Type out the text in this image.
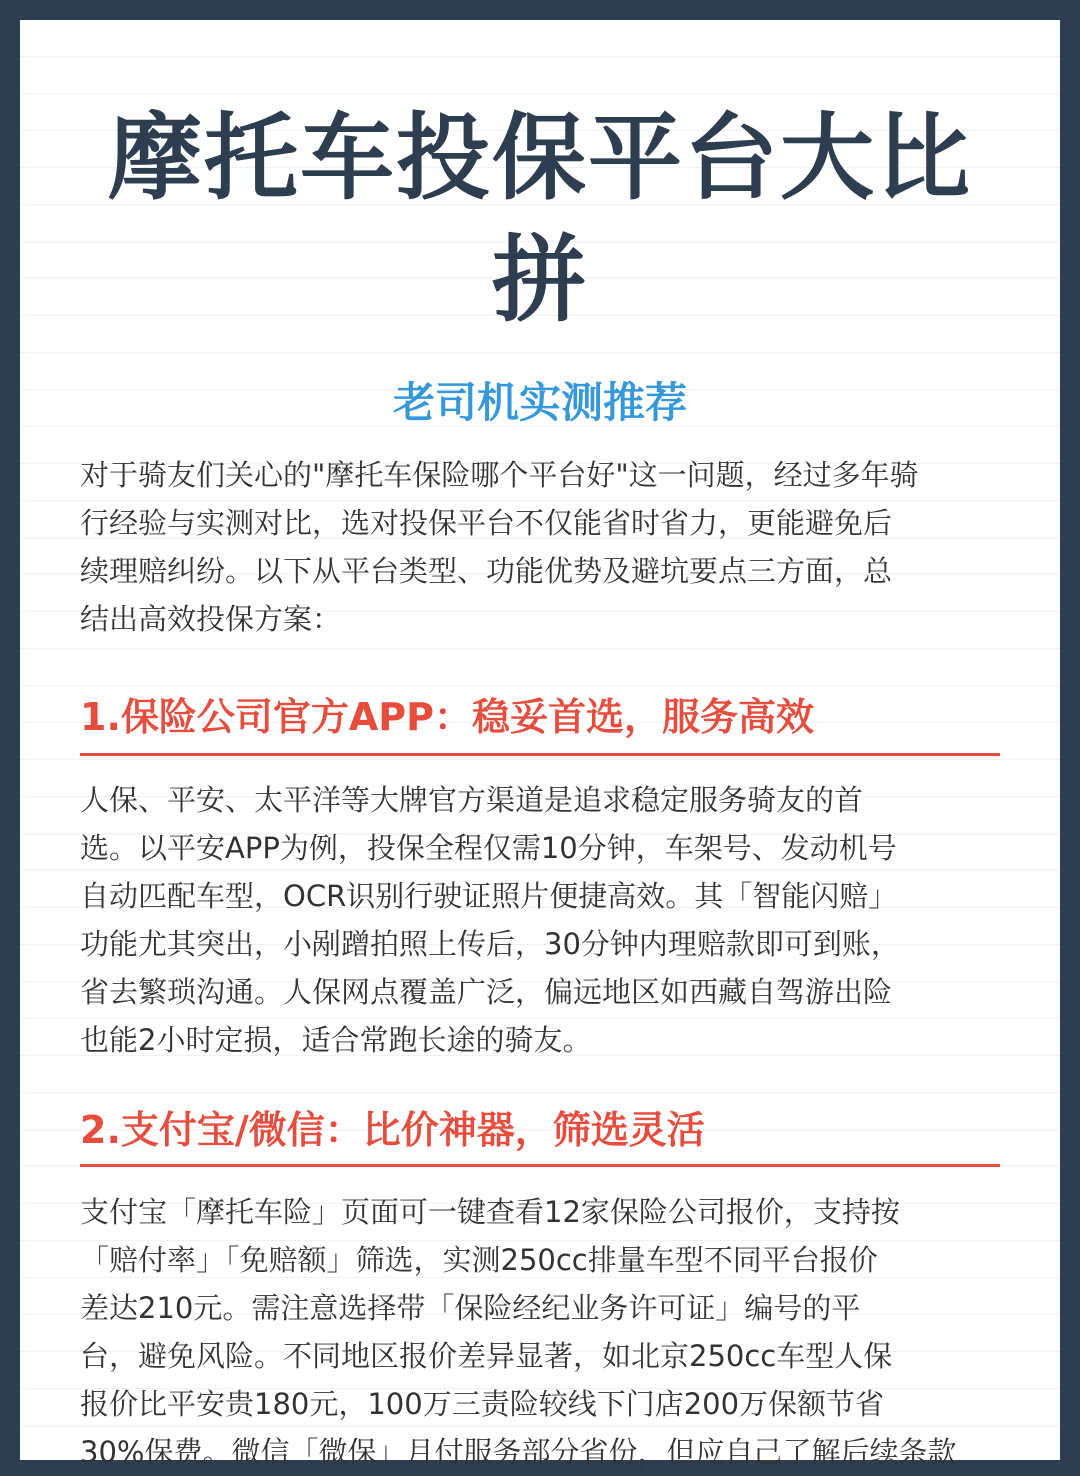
摩托车投保平台大比
拼
老司机实测推荐
对于骑友们关心的"摩托车保险哪个平台好"这一问题，经过多年骑
行经验与实测对比，选对投保平台不仅能省时省力，更能避免后
续理赔纠纷。以下从平台类型、功能优势及避坑要点三方面，总
结出高效投保方案：
1.保险公司官方APP：稳妥首选，服务高效
人保、平安、太平洋等大牌官方渠道是追求稳定服务骑友的首
选。以平安APP为例，投保全程仅需10分钟，车架号、发动机号
自动匹配车型，OCR识别行驶证照片便捷高效。其「智能闪赔」
功能尤其突出，小剐蹭拍照上传后，30分钟内理赔款即可到账，
省去繁琐沟通。人保网点覆盖广泛，偏远地区如西藏自驾游出险
也能2小时定损，适合常跑长途的骑友。
2.支付宝/微信：比价神器，筛选灵活
支付宝「摩托车险」页面可一键查看12家保险公司报价，支持按
「赔付率」「免赔额」筛选，实测250cc排量车型不同平台报价
差达210元。需注意选择带「保险经纪业务许可证」编号的平
台，避免风险。不同地区报价差异显著，如北京250cc车型人保
报价比平安贵180元，100万三责险较线下门店200万保额节省
30%保费。微信「微保」月付服务部分省份，但应自己了解后续条款
